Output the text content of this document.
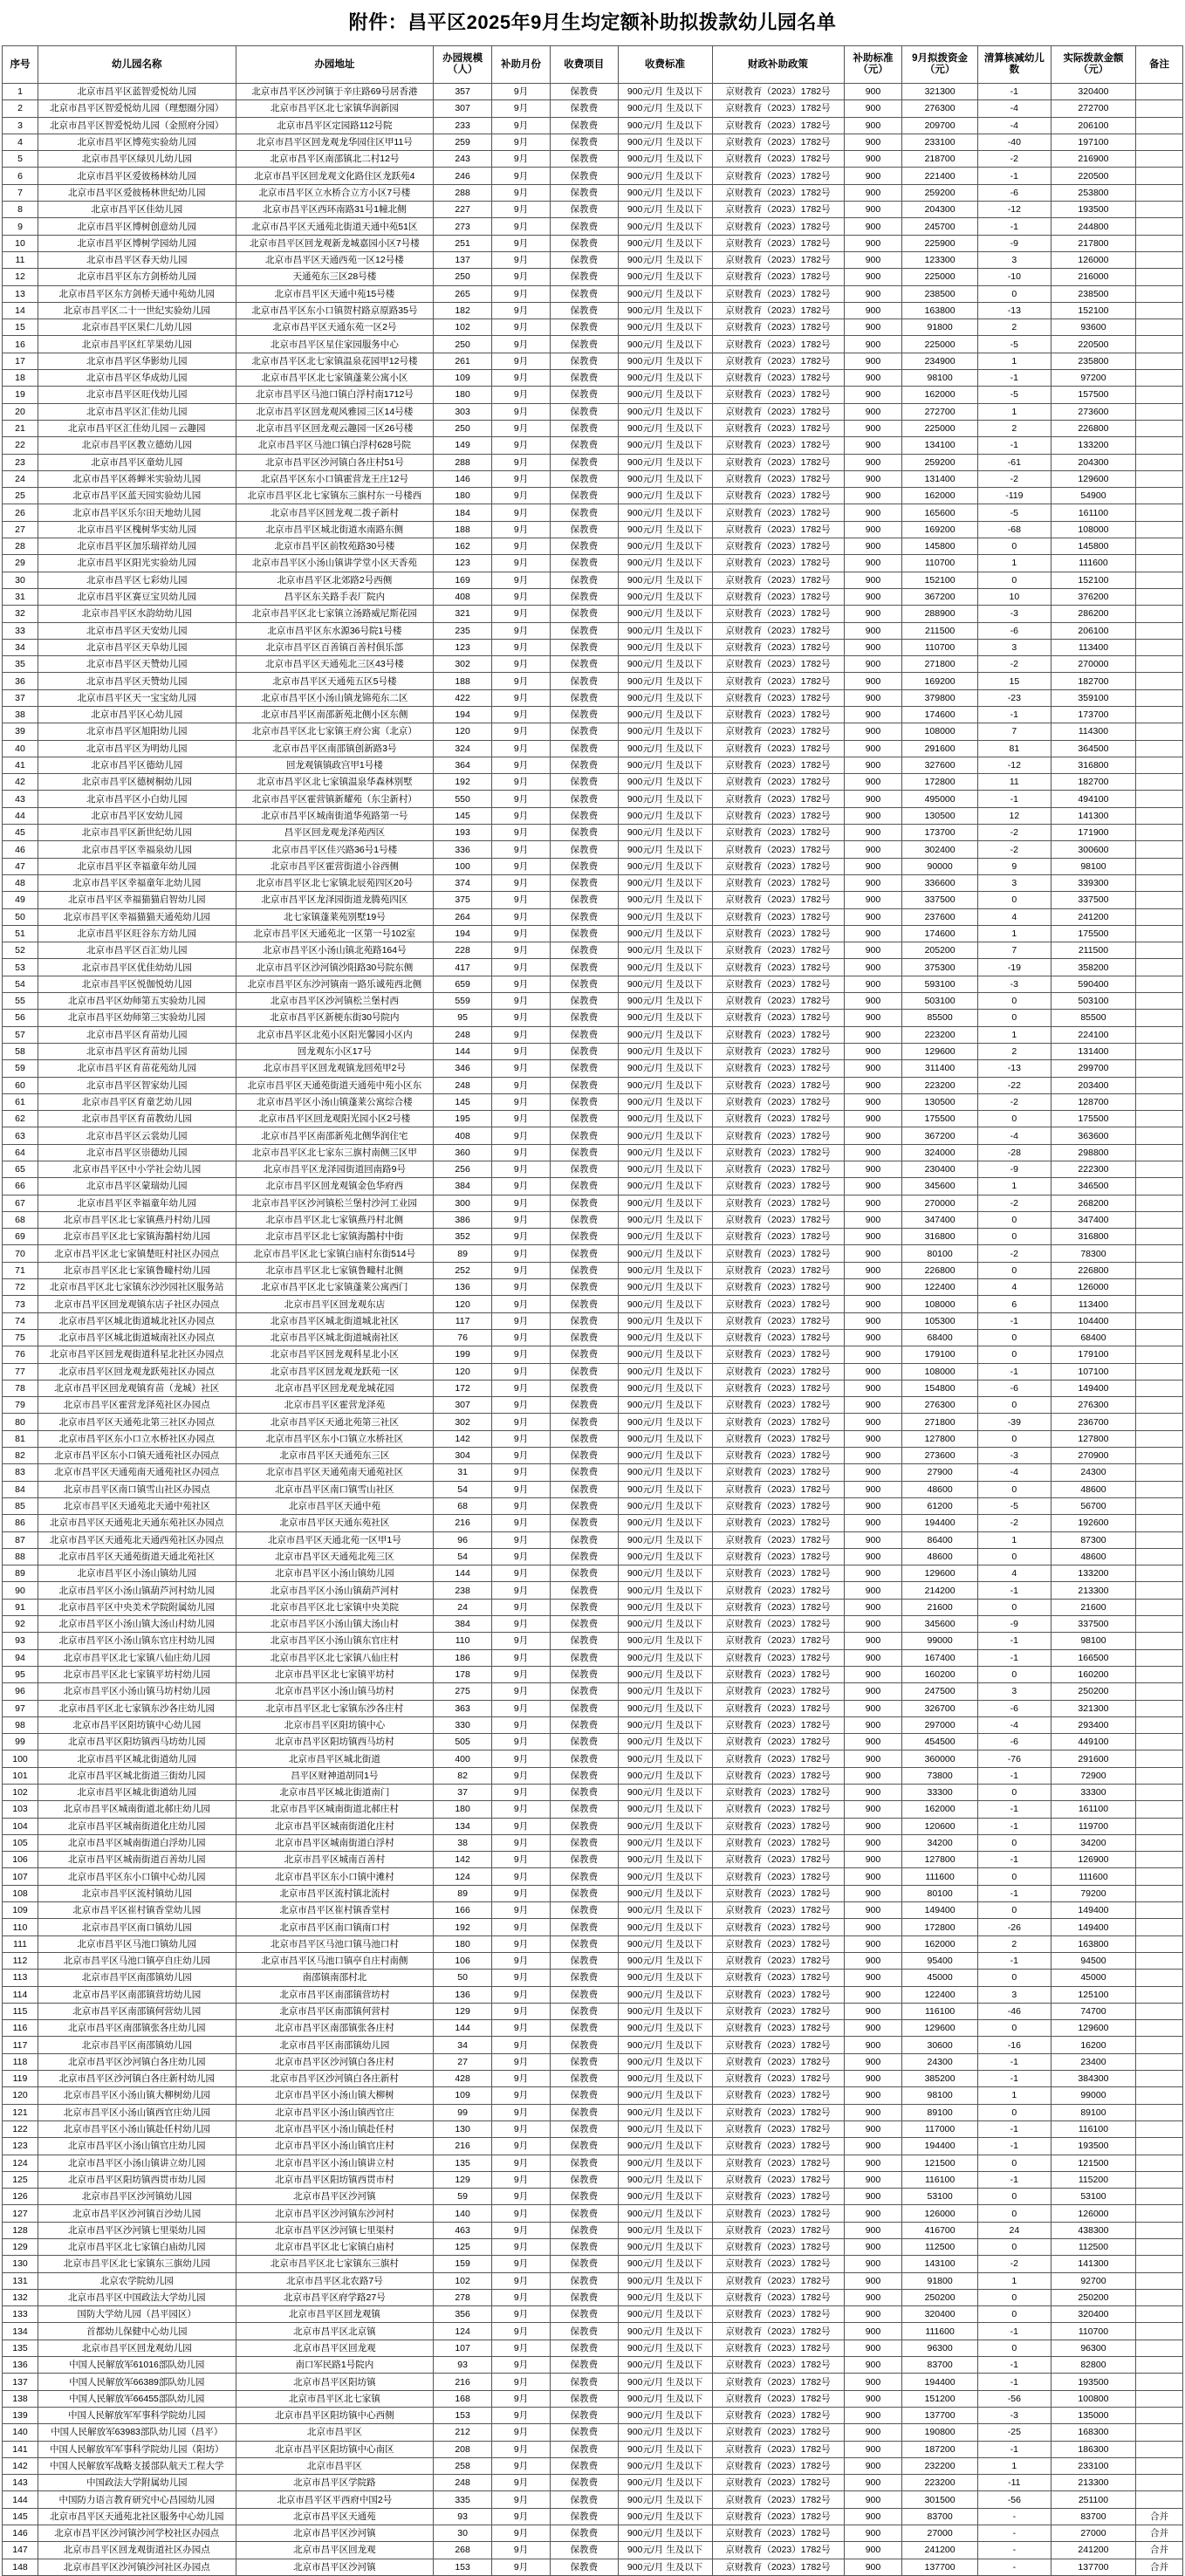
附件：昌平区2025年9月生均定额补助拟拨款幼儿园名单
序号	幼儿园名称	办园地址	办园规模（人）	补助月份	收费项目	收费标准	财政补助政策	补助标准（元）	9月拟拨资金（元）	清算核减幼儿数	实际拨款金额（元）	备注
1	北京市昌平区蓝智爱悦幼儿园	北京市昌平区沙河镇于辛庄路69号居香港	357	9月	保教费	900元/月 生及以下	京财教育（2023）1782号	900	321300	-1	320400	
2	北京市昌平区智爱悦幼儿园（理想圈分园）	北京市昌平区北七家镇华润新园	307	9月	保教费	900元/月 生及以下	京财教育（2023）1782号	900	276300	-4	272700	
3	北京市昌平区智爱悦幼儿园（金照府分园）	北京市昌平区定园路112号院	233	9月	保教费	900元/月 生及以下	京财教育（2023）1782号	900	209700	-4	206100	
4	北京市昌平区博苑实验幼儿园	北京市昌平区回龙观龙华园住区甲11号	259	9月	保教费	900元/月 生及以下	京财教育（2023）1782号	900	233100	-40	197100	
5	北京市昌平区绿贝儿幼儿园	北京市昌平区南邵镇北二村12号	243	9月	保教费	900元/月 生及以下	京财教育（2023）1782号	900	218700	-2	216900	
6	北京市昌平区爱彼杨林幼儿园	北京市昌平区回龙观文化路住区龙跃苑4	246	9月	保教费	900元/月 生及以下	京财教育（2023）1782号	900	221400	-1	220500	
7	北京市昌平区爱彼杨林世纪幼儿园	北京市昌平区立水桥合立方小区7号楼	288	9月	保教费	900元/月 生及以下	京财教育（2023）1782号	900	259200	-6	253800	
8	北京市昌平区佳幼儿园	北京市昌平区西环南路31号1幢北侧	227	9月	保教费	900元/月 生及以下	京财教育（2023）1782号	900	204300	-12	193500	
9	北京市昌平区博树创意幼儿园	北京市昌平区天通苑北街道天通中苑51区	273	9月	保教费	900元/月 生及以下	京财教育（2023）1782号	900	245700	-1	244800	
10	北京市昌平区博树学园幼儿园	北京市昌平区回龙观新龙城嘉园小区7号楼	251	9月	保教费	900元/月 生及以下	京财教育（2023）1782号	900	225900	-9	217800	
11	北京市昌平区春天幼儿园	北京市昌平区天通西苑一区12号楼	137	9月	保教费	900元/月 生及以下	京财教育（2023）1782号	900	123300	3	126000	
12	北京市昌平区东方剑桥幼儿园	天通苑东三区28号楼	250	9月	保教费	900元/月 生及以下	京财教育（2023）1782号	900	225000	-10	216000	
13	北京市昌平区东方剑桥天通中苑幼儿园	北京市昌平区天通中苑15号楼	265	9月	保教费	900元/月 生及以下	京财教育（2023）1782号	900	238500	0	238500	
14	北京市昌平区二十一世纪实验幼儿园	北京市昌平区东小口镇贺村路京原路35号	182	9月	保教费	900元/月 生及以下	京财教育（2023）1782号	900	163800	-13	152100	
15	北京市昌平区果仁儿幼儿园	北京市昌平区天通东苑一区2号	102	9月	保教费	900元/月 生及以下	京财教育（2023）1782号	900	91800	2	93600	
16	北京市昌平区红苹果幼儿园	北京市昌平区星住家园服务中心	250	9月	保教费	900元/月 生及以下	京财教育（2023）1782号	900	225000	-5	220500	
17	北京市昌平区华影幼儿园	北京市昌平区北七家镇温泉花园甲12号楼	261	9月	保教费	900元/月 生及以下	京财教育（2023）1782号	900	234900	1	235800	
18	北京市昌平区华成幼儿园	北京市昌平区北七家镇蓬莱公寓小区	109	9月	保教费	900元/月 生及以下	京财教育（2023）1782号	900	98100	-1	97200	
19	北京市昌平区旺伐幼儿园	北京市昌平区马池口镇白浮村南1712号	180	9月	保教费	900元/月 生及以下	京财教育（2023）1782号	900	162000	-5	157500	
20	北京市昌平区汇佳幼儿园	北京市昌平区回龙观风雅园三区14号楼	303	9月	保教费	900元/月 生及以下	京财教育（2023）1782号	900	272700	1	273600	
21	北京市昌平区汇佳幼儿园－云趣园	北京市昌平区回龙观云趣园一区26号楼	250	9月	保教费	900元/月 生及以下	京财教育（2023）1782号	900	225000	2	226800	
22	北京市昌平区教立德幼儿园	北京市昌平区马池口镇白浮村628号院	149	9月	保教费	900元/月 生及以下	京财教育（2023）1782号	900	134100	-1	133200	
23	北京市昌平区童幼儿园	北京市昌平区沙河镇白各庄村51号	288	9月	保教费	900元/月 生及以下	京财教育（2023）1782号	900	259200	-61	204300	
24	北京市昌平区蒋蝉米实验幼儿园	北京昌平区东小口镇霍营龙王庄12号	146	9月	保教费	900元/月 生及以下	京财教育（2023）1782号	900	131400	-2	129600	
25	北京市昌平区蓝天园实验幼儿园	北京市昌平区北七家镇东三旗村东一号楼西	180	9月	保教费	900元/月 生及以下	京财教育（2023）1782号	900	162000	-119	54900	
26	北京市昌平区乐尔田天地幼儿园	北京市昌平区回龙观二拨子新村	184	9月	保教费	900元/月 生及以下	京财教育（2023）1782号	900	165600	-5	161100	
27	北京市昌平区槐树华实幼儿园	北京市昌平区城北街道水南路东侧	188	9月	保教费	900元/月 生及以下	京财教育（2023）1782号	900	169200	-68	108000	
28	北京市昌平区加乐瑞祥幼儿园	北京市昌平区前牧苑路30号楼	162	9月	保教费	900元/月 生及以下	京财教育（2023）1782号	900	145800	0	145800	
29	北京市昌平区阳光实验幼儿园	北京市昌平区小汤山镇讲学堂小区天香苑	123	9月	保教费	900元/月 生及以下	京财教育（2023）1782号	900	110700	1	111600	
30	北京市昌平区七彩幼儿园	北京市昌平区北郊路2号西侧	169	9月	保教费	900元/月 生及以下	京财教育（2023）1782号	900	152100	0	152100	
31	北京市昌平区赛豆宝贝幼儿园	昌平区东关路手表厂院内	408	9月	保教费	900元/月 生及以下	京财教育（2023）1782号	900	367200	10	376200	
32	北京市昌平区水韵幼幼儿园	北京市昌平区北七家镇立汤路威尼斯花园	321	9月	保教费	900元/月 生及以下	京财教育（2023）1782号	900	288900	-3	286200	
33	北京市昌平区天安幼儿园	北京市昌平区东水源36号院1号楼	235	9月	保教费	900元/月 生及以下	京财教育（2023）1782号	900	211500	-6	206100	
34	北京市昌平区天阜幼儿园	北京市昌平区百善镇百善村俱乐部	123	9月	保教费	900元/月 生及以下	京财教育（2023）1782号	900	110700	3	113400	
35	北京市昌平区天赞幼儿园	北京市昌平区天通苑北三区43号楼	302	9月	保教费	900元/月 生及以下	京财教育（2023）1782号	900	271800	-2	270000	
36	北京市昌平区天赞幼儿园	北京市昌平区天通苑五区5号楼	188	9月	保教费	900元/月 生及以下	京财教育（2023）1782号	900	169200	15	182700	
37	北京市昌平区天一宝宝幼儿园	北京市昌平区小汤山镇龙锦苑东二区	422	9月	保教费	900元/月 生及以下	京财教育（2023）1782号	900	379800	-23	359100	
38	北京市昌平区心幼儿园	北京市昌平区南邵新苑北侧小区东侧	194	9月	保教费	900元/月 生及以下	京财教育（2023）1782号	900	174600	-1	173700	
39	北京市昌平区旭阳幼儿园	北京市昌平区北七家镇王府公寓（北京）	120	9月	保教费	900元/月 生及以下	京财教育（2023）1782号	900	108000	7	114300	
40	北京市昌平区为明幼儿园	北京市昌平区南邵镇创新路3号	324	9月	保教费	900元/月 生及以下	京财教育（2023）1782号	900	291600	81	364500	
41	北京市昌平区德幼儿园	回龙观镇镇政宫甲1号楼	364	9月	保教费	900元/月 生及以下	京财教育（2023）1782号	900	327600	-12	316800	
42	北京市昌平区德树桐幼儿园	北京市昌平区北七家镇温泉华森林别墅	192	9月	保教费	900元/月 生及以下	京财教育（2023）1782号	900	172800	11	182700	
43	北京市昌平区小白幼儿园	北京市昌平区霍营镇新耀苑（东尘新村）	550	9月	保教费	900元/月 生及以下	京财教育（2023）1782号	900	495000	-1	494100	
44	北京市昌平区安幼儿园	北京市昌平区城南街道华苑路第一号	145	9月	保教费	900元/月 生及以下	京财教育（2023）1782号	900	130500	12	141300	
45	北京市昌平区新世纪幼儿园	昌平区回龙观龙泽苑西区	193	9月	保教费	900元/月 生及以下	京财教育（2023）1782号	900	173700	-2	171900	
46	北京市昌平区幸福泉幼儿园	北京市昌平区佳兴路36号1号楼	336	9月	保教费	900元/月 生及以下	京财教育（2023）1782号	900	302400	-2	300600	
47	北京市昌平区幸福童年幼儿园	北京市昌平区霍营街道小谷西侧	100	9月	保教费	900元/月 生及以下	京财教育（2023）1782号	900	90000	9	98100	
48	北京市昌平区幸福童年北幼儿园	北京市昌平区北七家镇北辰苑四区20号	374	9月	保教费	900元/月 生及以下	京财教育（2023）1782号	900	336600	3	339300	
49	北京市昌平区幸福猫猫启智幼儿园	北京市昌平区龙泽园街道龙腾苑四区	375	9月	保教费	900元/月 生及以下	京财教育（2023）1782号	900	337500	0	337500	
50	北京市昌平区幸福猫猫天通苑幼儿园	北七家镇蓬莱苑别墅19号	264	9月	保教费	900元/月 生及以下	京财教育（2023）1782号	900	237600	4	241200	
51	北京市昌平区旺谷东方幼儿园	北京市昌平区天通苑北一区第一号102室	194	9月	保教费	900元/月 生及以下	京财教育（2023）1782号	900	174600	1	175500	
52	北京市昌平区百汇幼儿园	北京市昌平区小汤山镇北苑路164号	228	9月	保教费	900元/月 生及以下	京财教育（2023）1782号	900	205200	7	211500	
53	北京市昌平区优佳幼幼儿园	北京市昌平区沙河镇沙阳路30号院东侧	417	9月	保教费	900元/月 生及以下	京财教育（2023）1782号	900	375300	-19	358200	
54	北京市昌平区悦伽悦幼儿园	北京市昌平区东沙河镇南一路乐诚苑西北侧	659	9月	保教费	900元/月 生及以下	京财教育（2023）1782号	900	593100	-3	590400	
55	北京市昌平区幼师第五实验幼儿园	北京市昌平区沙河镇松兰堡村西	559	9月	保教费	900元/月 生及以下	京财教育（2023）1782号	900	503100	0	503100	
56	北京市昌平区幼师第三实验幼儿园	北京市昌平区新梗东街30号院内	95	9月	保教费	900元/月 生及以下	京财教育（2023）1782号	900	85500	0	85500	
57	北京市昌平区育苗幼儿园	北京市昌平区北苑小区阳光馨园小区内	248	9月	保教费	900元/月 生及以下	京财教育（2023）1782号	900	223200	1	224100	
58	北京市昌平区育苗幼儿园	回龙观东小区17号	144	9月	保教费	900元/月 生及以下	京财教育（2023）1782号	900	129600	2	131400	
59	北京市昌平区育苗花苑幼儿园	北京市昌平区回龙观镇龙回苑甲2号	346	9月	保教费	900元/月 生及以下	京财教育（2023）1782号	900	311400	-13	299700	
60	北京市昌平区智家幼儿园	北京市昌平区天通苑街道天通苑中苑小区东	248	9月	保教费	900元/月 生及以下	京财教育（2023）1782号	900	223200	-22	203400	
61	北京市昌平区育童艺幼儿园	北京市昌平区小汤山镇蓬莱公寓综合楼	145	9月	保教费	900元/月 生及以下	京财教育（2023）1782号	900	130500	-2	128700	
62	北京市昌平区育苗教幼儿园	北京市昌平区回龙观阳光园小区2号楼	195	9月	保教费	900元/月 生及以下	京财教育（2023）1782号	900	175500	0	175500	
63	北京市昌平区云裳幼儿园	北京市昌平区南邵新苑北侧华润住宅	408	9月	保教费	900元/月 生及以下	京财教育（2023）1782号	900	367200	-4	363600	
64	北京市昌平区崇德幼儿园	北京市昌平区北七家东三旗村南侧三区甲	360	9月	保教费	900元/月 生及以下	京财教育（2023）1782号	900	324000	-28	298800	
65	北京市昌平区中小学社会幼儿园	北京市昌平区龙泽园街道回南路9号	256	9月	保教费	900元/月 生及以下	京财教育（2023）1782号	900	230400	-9	222300	
66	北京市昌平区蒙瑞幼儿园	北京市昌平区回龙观镇金色华府西	384	9月	保教费	900元/月 生及以下	京财教育（2023）1782号	900	345600	1	346500	
67	北京市昌平区幸福童年幼儿园	北京市昌平区沙河镇松兰堡村沙河工业园	300	9月	保教费	900元/月 生及以下	京财教育（2023）1782号	900	270000	-2	268200	
68	北京市昌平区北七家镇燕丹村幼儿园	北京市昌平区北七家镇燕丹村北侧	386	9月	保教费	900元/月 生及以下	京财教育（2023）1782号	900	347400	0	347400	
69	北京市昌平区北七家镇海鶄村幼儿园	北京市昌平区北七家镇海鶄村中街	352	9月	保教费	900元/月 生及以下	京财教育（2023）1782号	900	316800	0	316800	
70	北京市昌平区北七家镇楚旺村社区办园点	北京市昌平区北七家镇白庙村东街514号	89	9月	保教费	900元/月 生及以下	京财教育（2023）1782号	900	80100	-2	78300	
71	北京市昌平区北七家镇鲁疃村幼儿园	北京市昌平区北七家镇鲁疃村北侧	252	9月	保教费	900元/月 生及以下	京财教育（2023）1782号	900	226800	0	226800	
72	北京市昌平区北七家镇东沙沙园社区服务站	北京市昌平区北七家镇蓬莱公寓西门	136	9月	保教费	900元/月 生及以下	京财教育（2023）1782号	900	122400	4	126000	
73	北京市昌平区回龙观镇东店子社区办园点	北京市昌平区回龙观东店	120	9月	保教费	900元/月 生及以下	京财教育（2023）1782号	900	108000	6	113400	
74	北京市昌平区城北街道城北社区办园点	北京市昌平区城北街道城北社区	117	9月	保教费	900元/月 生及以下	京财教育（2023）1782号	900	105300	-1	104400	
75	北京市昌平区城北街道城南社区办园点	北京市昌平区城北街道城南社区	76	9月	保教费	900元/月 生及以下	京财教育（2023）1782号	900	68400	0	68400	
76	北京市昌平区回龙观街道科星北社区办园点	北京市昌平区回龙观科星北小区	199	9月	保教费	900元/月 生及以下	京财教育（2023）1782号	900	179100	0	179100	
77	北京市昌平区回龙观龙跃苑社区办园点	北京市昌平区回龙观龙跃苑一区	120	9月	保教费	900元/月 生及以下	京财教育（2023）1782号	900	108000	-1	107100	
78	北京市昌平区回龙观镇育苗（龙城）社区	北京市昌平区回龙观龙城花园	172	9月	保教费	900元/月 生及以下	京财教育（2023）1782号	900	154800	-6	149400	
79	北京市昌平区霍营龙泽苑社区办园点	北京市昌平区霍营龙泽苑	307	9月	保教费	900元/月 生及以下	京财教育（2023）1782号	900	276300	0	276300	
80	北京市昌平区天通苑北第三社区办园点	北京市昌平区天通北苑第三社区	302	9月	保教费	900元/月 生及以下	京财教育（2023）1782号	900	271800	-39	236700	
81	北京市昌平区东小口立水桥社区办园点	北京市昌平区东小口镇立水桥社区	142	9月	保教费	900元/月 生及以下	京财教育（2023）1782号	900	127800	0	127800	
82	北京市昌平区东小口镇天通苑社区办园点	北京市昌平区天通苑东三区	304	9月	保教费	900元/月 生及以下	京财教育（2023）1782号	900	273600	-3	270900	
83	北京市昌平区天通苑南天通苑社区办园点	北京市昌平区天通苑南天通苑社区	31	9月	保教费	900元/月 生及以下	京财教育（2023）1782号	900	27900	-4	24300	
84	北京市昌平区南口镇雪山社区办园点	北京市昌平区南口镇雪山社区	54	9月	保教费	900元/月 生及以下	京财教育（2023）1782号	900	48600	0	48600	
85	北京市昌平区天通苑北天通中苑社区	北京市昌平区天通中苑	68	9月	保教费	900元/月 生及以下	京财教育（2023）1782号	900	61200	-5	56700	
86	北京市昌平区天通苑北天通东苑社区办园点	北京市昌平区天通东苑社区	216	9月	保教费	900元/月 生及以下	京财教育（2023）1782号	900	194400	-2	192600	
87	北京市昌平区天通苑北天通西苑社区办园点	北京市昌平区天通北苑一区甲1号	96	9月	保教费	900元/月 生及以下	京财教育（2023）1782号	900	86400	1	87300	
88	北京市昌平区天通苑街道天通北苑社区	北京市昌平区天通苑北苑三区	54	9月	保教费	900元/月 生及以下	京财教育（2023）1782号	900	48600	0	48600	
89	北京市昌平区小汤山镇幼儿园	北京市昌平区小汤山镇幼儿园	144	9月	保教费	900元/月 生及以下	京财教育（2023）1782号	900	129600	4	133200	
90	北京市昌平区小汤山镇葫芦河村幼儿园	北京市昌平区小汤山镇葫芦河村	238	9月	保教费	900元/月 生及以下	京财教育（2023）1782号	900	214200	-1	213300	
91	北京市昌平区中央美术学院附属幼儿园	北京市昌平区北七家镇中央美院	24	9月	保教费	900元/月 生及以下	京财教育（2023）1782号	900	21600	0	21600	
92	北京市昌平区小汤山镇大汤山村幼儿园	北京市昌平区小汤山镇大汤山村	384	9月	保教费	900元/月 生及以下	京财教育（2023）1782号	900	345600	-9	337500	
93	北京市昌平区小汤山镇东官庄村幼儿园	北京市昌平区小汤山镇东官庄村	110	9月	保教费	900元/月 生及以下	京财教育（2023）1782号	900	99000	-1	98100	
94	北京市昌平区北七家镇八仙庄幼儿园	北京市昌平区北七家镇八仙庄村	186	9月	保教费	900元/月 生及以下	京财教育（2023）1782号	900	167400	-1	166500	
95	北京市昌平区北七家镇平坊村幼儿园	北京市昌平区北七家镇平坊村	178	9月	保教费	900元/月 生及以下	京财教育（2023）1782号	900	160200	0	160200	
96	北京市昌平区小汤山镇马坊村幼儿园	北京市昌平区小汤山镇马坊村	275	9月	保教费	900元/月 生及以下	京财教育（2023）1782号	900	247500	3	250200	
97	北京市昌平区北七家镇东沙各庄幼儿园	北京市昌平区北七家镇东沙各庄村	363	9月	保教费	900元/月 生及以下	京财教育（2023）1782号	900	326700	-6	321300	
98	北京市昌平区阳坊镇中心幼儿园	北京市昌平区阳坊镇中心	330	9月	保教费	900元/月 生及以下	京财教育（2023）1782号	900	297000	-4	293400	
99	北京市昌平区阳坊镇西马坊幼儿园	北京市昌平区阳坊镇西马坊村	505	9月	保教费	900元/月 生及以下	京财教育（2023）1782号	900	454500	-6	449100	
100	北京市昌平区城北街道幼儿园	北京市昌平区城北街道	400	9月	保教费	900元/月 生及以下	京财教育（2023）1782号	900	360000	-76	291600	
101	北京市昌平区城北街道三街幼儿园	昌平区财神道胡同1号	82	9月	保教费	900元/月 生及以下	京财教育（2023）1782号	900	73800	-1	72900	
102	北京市昌平区城北街道幼儿园	北京市昌平区城北街道南门	37	9月	保教费	900元/月 生及以下	京财教育（2023）1782号	900	33300	0	33300	
103	北京市昌平区城南街道北郝庄幼儿园	北京市昌平区城南街道北郝庄村	180	9月	保教费	900元/月 生及以下	京财教育（2023）1782号	900	162000	-1	161100	
104	北京市昌平区城南街道化庄幼儿园	北京市昌平区城南街道化庄村	134	9月	保教费	900元/月 生及以下	京财教育（2023）1782号	900	120600	-1	119700	
105	北京市昌平区城南街道白浮幼儿园	北京市昌平区城南街道白浮村	38	9月	保教费	900元/月 生及以下	京财教育（2023）1782号	900	34200	0	34200	
106	北京市昌平区城南街道百善幼儿园	北京市昌平区城南百善村	142	9月	保教费	900元/月 生及以下	京财教育（2023）1782号	900	127800	-1	126900	
107	北京市昌平区东小口镇中心幼儿园	北京市昌平区东小口镇中滩村	124	9月	保教费	900元/月 生及以下	京财教育（2023）1782号	900	111600	0	111600	
108	北京市昌平区流村镇幼儿园	北京市昌平区流村镇北流村	89	9月	保教费	900元/月 生及以下	京财教育（2023）1782号	900	80100	-1	79200	
109	北京市昌平区崔村镇香堂幼儿园	北京市昌平区崔村镇香堂村	166	9月	保教费	900元/月 生及以下	京财教育（2023）1782号	900	149400	0	149400	
110	北京市昌平区南口镇幼儿园	北京市昌平区南口镇南口村	192	9月	保教费	900元/月 生及以下	京财教育（2023）1782号	900	172800	-26	149400	
111	北京市昌平区马池口镇幼儿园	北京市昌平区马池口镇马池口村	180	9月	保教费	900元/月 生及以下	京财教育（2023）1782号	900	162000	2	163800	
112	北京市昌平区马池口镇亭自庄幼儿园	北京市昌平区马池口镇亭自庄村南侧	106	9月	保教费	900元/月 生及以下	京财教育（2023）1782号	900	95400	-1	94500	
113	北京市昌平区南邵镇幼儿园	南邵镇南邵村北	50	9月	保教费	900元/月 生及以下	京财教育（2023）1782号	900	45000	0	45000	
114	北京市昌平区南邵镇营坊幼儿园	北京市昌平区南邵镇营坊村	136	9月	保教费	900元/月 生及以下	京财教育（2023）1782号	900	122400	3	125100	
115	北京市昌平区南邵镇何营幼儿园	北京市昌平区南邵镇何营村	129	9月	保教费	900元/月 生及以下	京财教育（2023）1782号	900	116100	-46	74700	
116	北京市昌平区南邵镇张各庄幼儿园	北京市昌平区南邵镇张各庄村	144	9月	保教费	900元/月 生及以下	京财教育（2023）1782号	900	129600	0	129600	
117	北京市昌平区南邵镇幼儿园	北京市昌平区南邵镇幼儿园	34	9月	保教费	900元/月 生及以下	京财教育（2023）1782号	900	30600	-16	16200	
118	北京市昌平区沙河镇白各庄幼儿园	北京市昌平区沙河镇白各庄村	27	9月	保教费	900元/月 生及以下	京财教育（2023）1782号	900	24300	-1	23400	
119	北京市昌平区沙河镇白各庄新村幼儿园	北京市昌平区沙河镇白各庄新村	428	9月	保教费	900元/月 生及以下	京财教育（2023）1782号	900	385200	-1	384300	
120	北京市昌平区小汤山镇大柳树幼儿园	北京市昌平区小汤山镇大柳树	109	9月	保教费	900元/月 生及以下	京财教育（2023）1782号	900	98100	1	99000	
121	北京市昌平区小汤山镇西官庄幼儿园	北京市昌平区小汤山镇西官庄	99	9月	保教费	900元/月 生及以下	京财教育（2023）1782号	900	89100	0	89100	
122	北京市昌平区小汤山镇赴任村幼儿园	北京市昌平区小汤山镇赴任村	130	9月	保教费	900元/月 生及以下	京财教育（2023）1782号	900	117000	-1	116100	
123	北京市昌平区小汤山镇官庄幼儿园	北京市昌平区小汤山镇官庄村	216	9月	保教费	900元/月 生及以下	京财教育（2023）1782号	900	194400	-1	193500	
124	北京市昌平区小汤山镇讲立幼儿园	北京市昌平区小汤山镇讲立村	135	9月	保教费	900元/月 生及以下	京财教育（2023）1782号	900	121500	0	121500	
125	北京市昌平区阳坊镇西贯市幼儿园	北京市昌平区阳坊镇西贯市村	129	9月	保教费	900元/月 生及以下	京财教育（2023）1782号	900	116100	-1	115200	
126	北京市昌平区沙河镇幼儿园	北京市昌平区沙河镇	59	9月	保教费	900元/月 生及以下	京财教育（2023）1782号	900	53100	0	53100	
127	北京市昌平区沙河镇百沙幼儿园	北京市昌平区沙河镇东沙河村	140	9月	保教费	900元/月 生及以下	京财教育（2023）1782号	900	126000	0	126000	
128	北京市昌平区沙河镇七里渠幼儿园	北京市昌平区沙河镇七里渠村	463	9月	保教费	900元/月 生及以下	京财教育（2023）1782号	900	416700	24	438300	
129	北京市昌平区北七家镇白庙幼儿园	北京市昌平区北七家镇白庙村	125	9月	保教费	900元/月 生及以下	京财教育（2023）1782号	900	112500	0	112500	
130	北京市昌平区北七家镇东三旗幼儿园	北京市昌平区北七家镇东三旗村	159	9月	保教费	900元/月 生及以下	京财教育（2023）1782号	900	143100	-2	141300	
131	北京农学院幼儿园	北京市昌平区北农路7号	102	9月	保教费	900元/月 生及以下	京财教育（2023）1782号	900	91800	1	92700	
132	北京市昌平区中国政法大学幼儿园	北京市昌平区府学路27号	278	9月	保教费	900元/月 生及以下	京财教育（2023）1782号	900	250200	0	250200	
133	国防大学幼儿园（昌平园区）	北京市昌平区回龙观镇	356	9月	保教费	900元/月 生及以下	京财教育（2023）1782号	900	320400	0	320400	
134	首都幼儿保健中心幼儿园	北京市昌平区北京镇	124	9月	保教费	900元/月 生及以下	京财教育（2023）1782号	900	111600	-1	110700	
135	北京市昌平区回龙观幼儿园	北京市昌平区回龙观	107	9月	保教费	900元/月 生及以下	京财教育（2023）1782号	900	96300	0	96300	
136	中国人民解放军61016部队幼儿园	南口军民路1号院内	93	9月	保教费	900元/月 生及以下	京财教育（2023）1782号	900	83700	-1	82800	
137	中国人民解放军66389部队幼儿园	北京市昌平区阳坊镇	216	9月	保教费	900元/月 生及以下	京财教育（2023）1782号	900	194400	-1	193500	
138	中国人民解放军66455部队幼儿园	北京市昌平区北七家镇	168	9月	保教费	900元/月 生及以下	京财教育（2023）1782号	900	151200	-56	100800	
139	中国人民解放军军事科学院幼儿园	北京市昌平区阳坊镇中心西侧	153	9月	保教费	900元/月 生及以下	京财教育（2023）1782号	900	137700	-3	135000	
140	中国人民解放军63983部队幼儿园（昌平）	北京市昌平区	212	9月	保教费	900元/月 生及以下	京财教育（2023）1782号	900	190800	-25	168300	
141	中国人民解放军军事科学院幼儿园（阳坊）	北京市昌平区阳坊镇中心南区	208	9月	保教费	900元/月 生及以下	京财教育（2023）1782号	900	187200	-1	186300	
142	中国人民解放军战略支援部队航天工程大学	北京市昌平区	258	9月	保教费	900元/月 生及以下	京财教育（2023）1782号	900	232200	1	233100	
143	中国政法大学附属幼儿园	北京市昌平区学院路	248	9月	保教费	900元/月 生及以下	京财教育（2023）1782号	900	223200	-11	213300	
144	中国防力语言教育研究中心昌园幼儿园	北京市昌平区平西府中国2号	335	9月	保教费	900元/月 生及以下	京财教育（2023）1782号	900	301500	-56	251100	
145	北京市昌平区天通苑北社区服务中心幼儿园	北京市昌平区天通苑	93	9月	保教费	900元/月 生及以下	京财教育（2023）1782号	900	83700	-	83700	合并
146	北京市昌平区沙河镇沙河学校社区办园点	北京市昌平区沙河镇	30	9月	保教费	900元/月 生及以下	京财教育（2023）1782号	900	27000	-	27000	合并
147	北京市昌平区回龙观街道社区办园点	北京市昌平区回龙观	268	9月	保教费	900元/月 生及以下	京财教育（2023）1782号	900	241200	-	241200	合并
148	北京市昌平区沙河镇沙河社区办园点	北京市昌平区沙河镇	153	9月	保教费	900元/月 生及以下	京财教育（2023）1782号	900	137700	-	137700	合并
